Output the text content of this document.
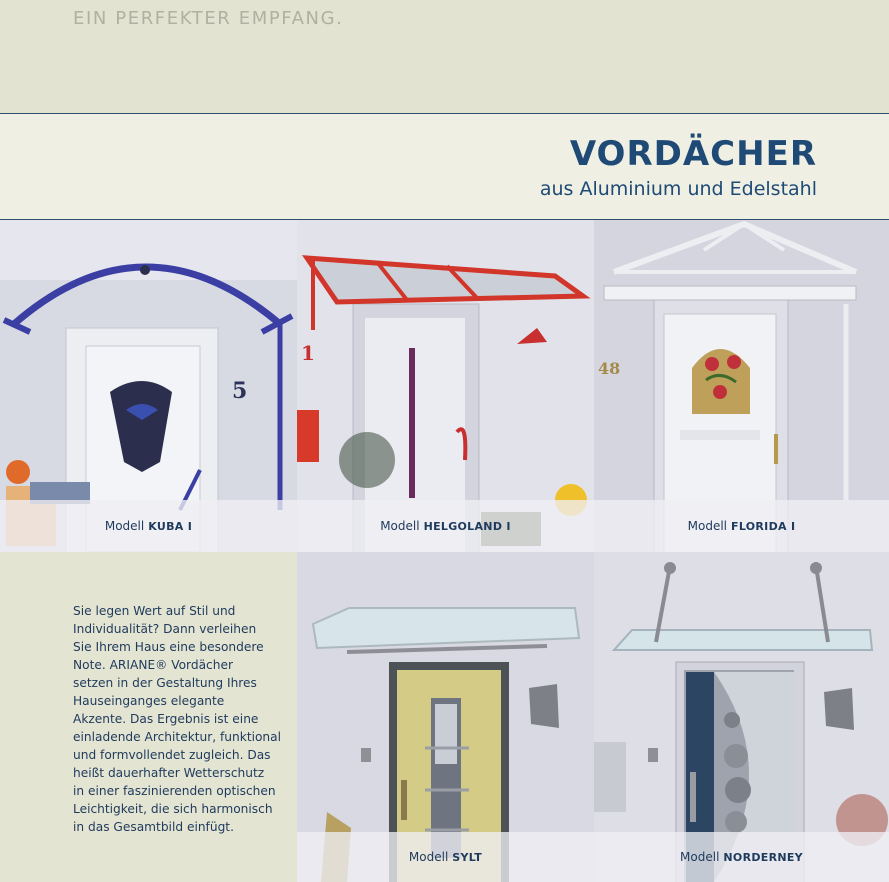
EIN PERFEKTER EMPFANG.
VORDÄCHER
aus Aluminium und Edelstahl
5
Modell KUBA I
1
Modell HELGOLAND I
48
Modell FLORIDA I
Sie legen Wert auf Stil und
Individualität? Dann verleihen
Sie Ihrem Haus eine besondere
Note. ARIANE® Vordächer
setzen in der Gestaltung Ihres
Hauseinganges elegante
Akzente. Das Ergebnis ist eine
einladende Architektur, funktional
und formvollendet zugleich. Das
heißt dauerhafter Wetterschutz
in einer faszinierenden optischen
Leichtigkeit, die sich harmonisch
in das Gesamtbild einfügt.
Modell SYLT	Modell NORDERNEY
